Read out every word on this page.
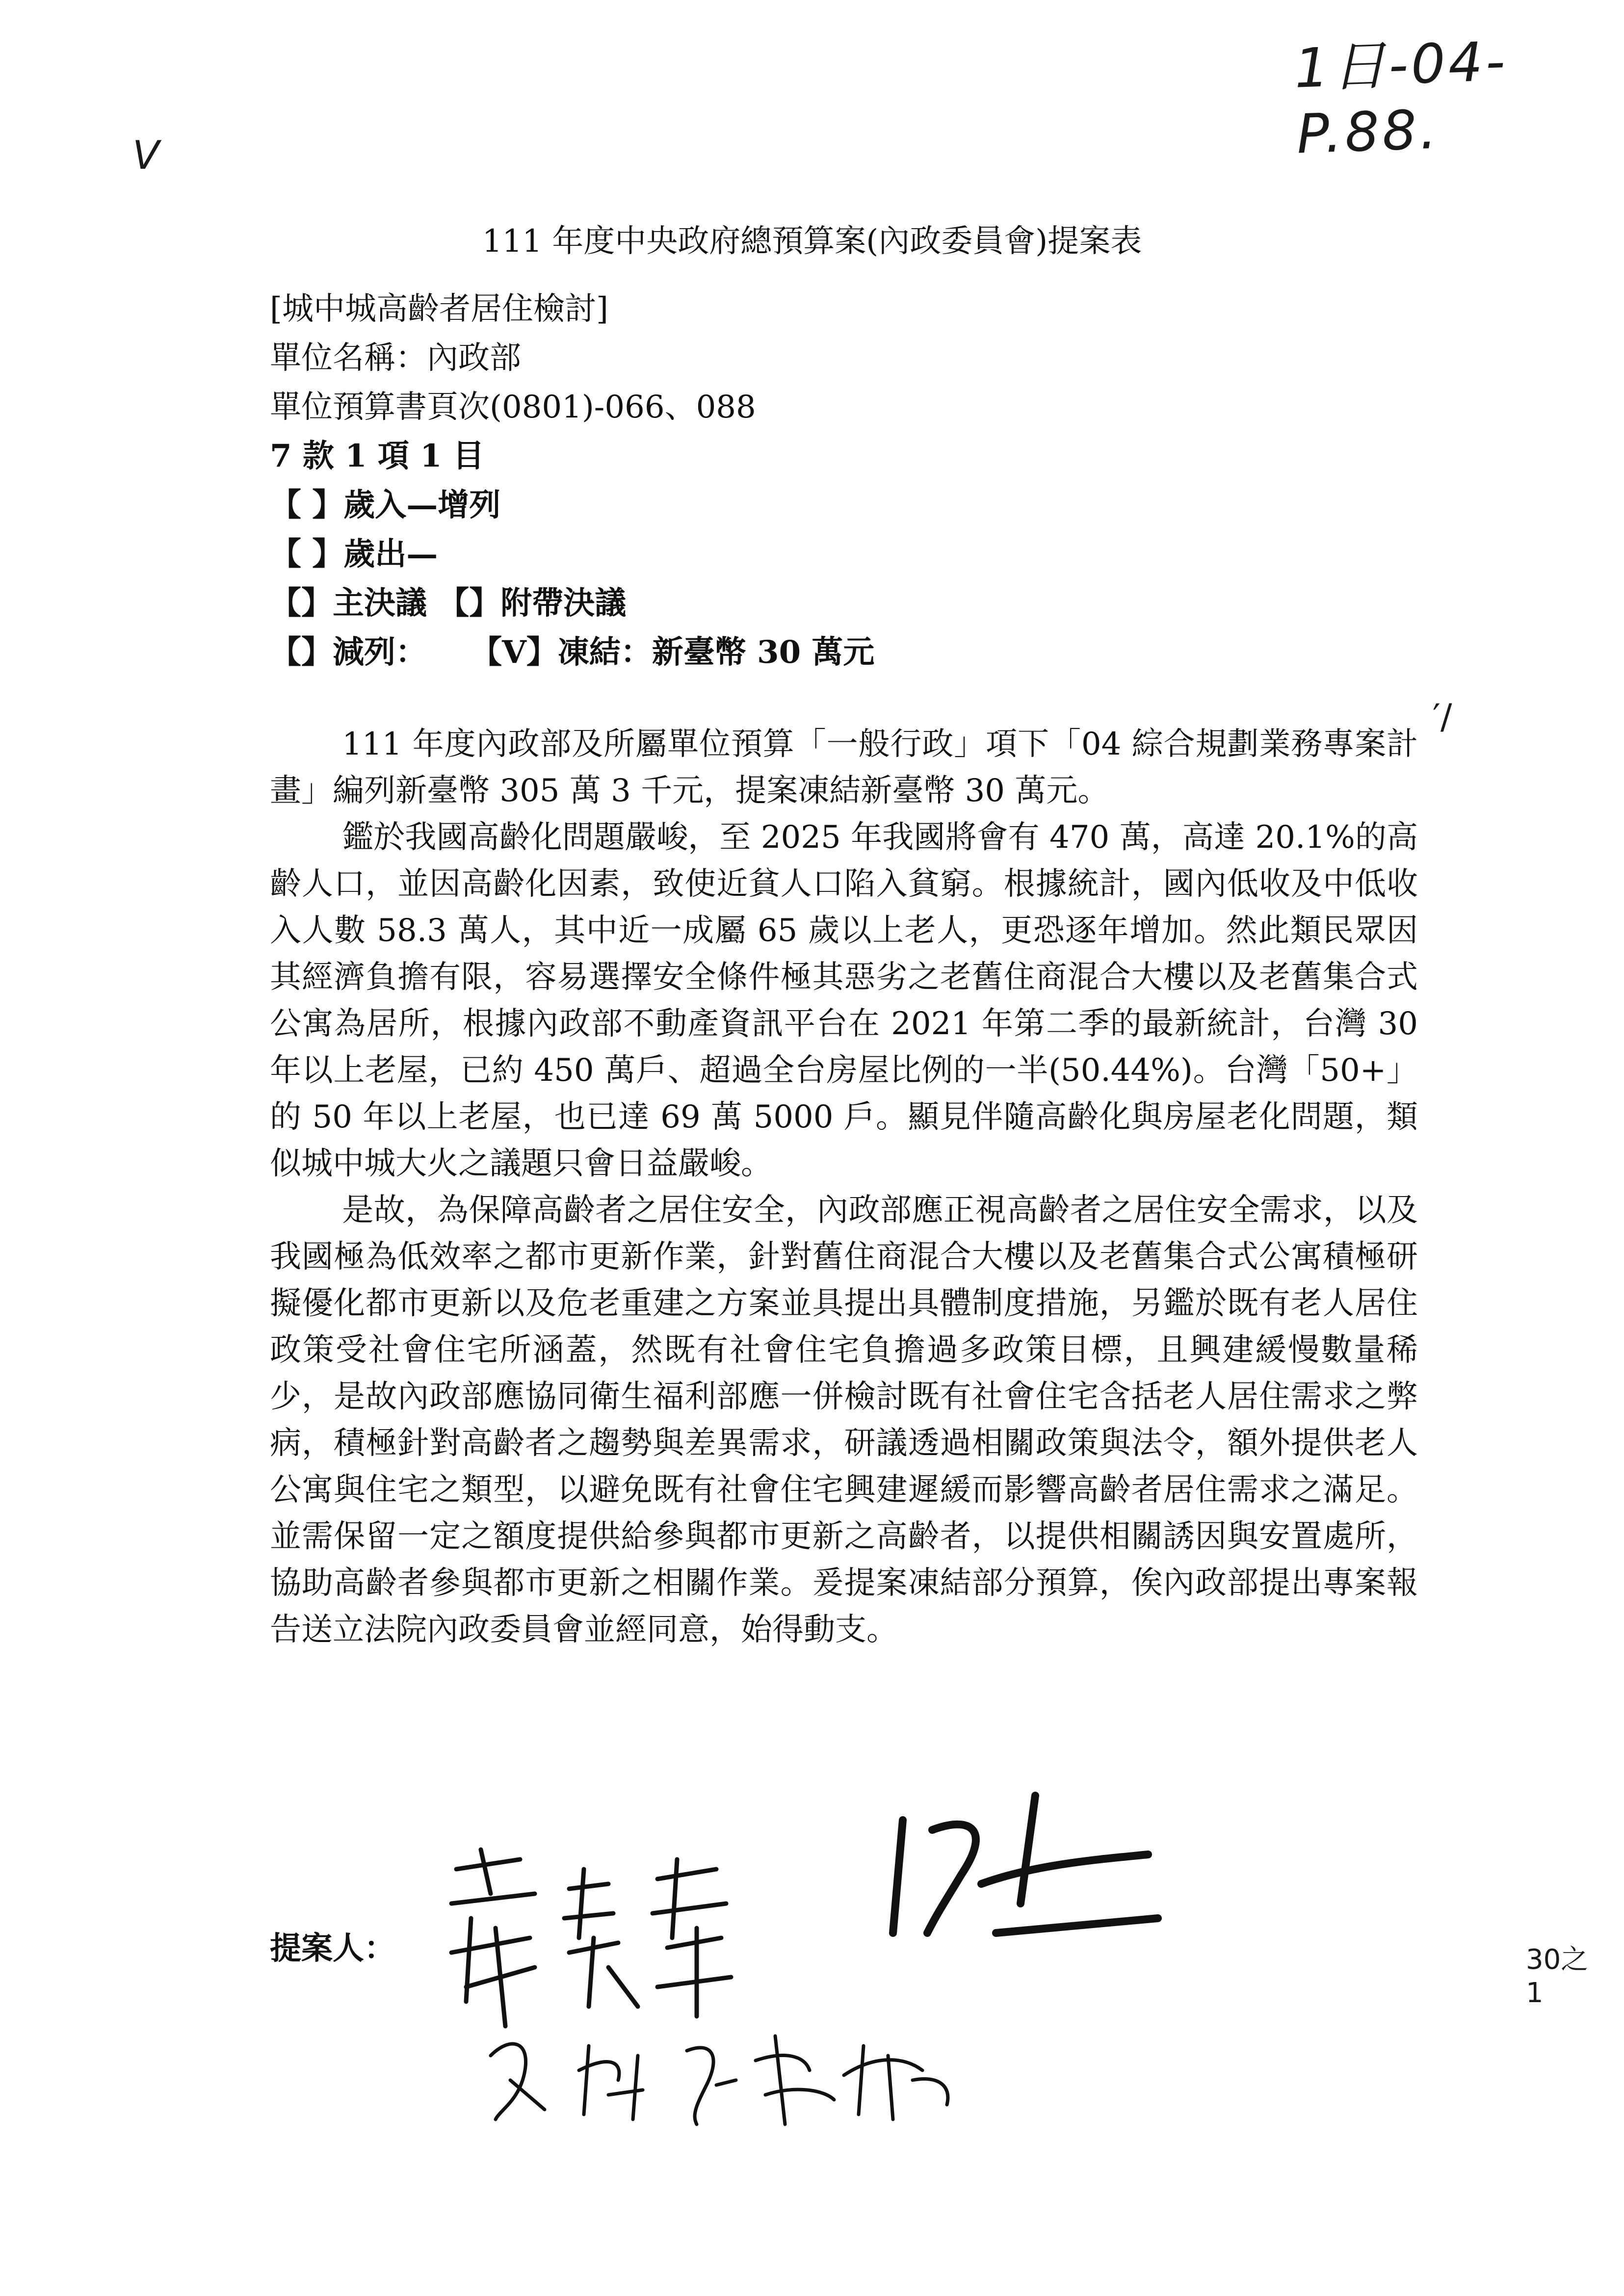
1日-04-P.88.
V
′/
111 年度中央政府總預算案(內政委員會)提案表
[城中城高齡者居住檢討]
單位名稱：內政部
單位預算書頁次(0801)-066、088
7 款 1 項 1 目
【 】歲入—增列
【 】歲出—
【】主決議 【】附帶決議
【】減列：    【V】凍結：新臺幣 30 萬元

111 年度內政部及所屬單位預算「一般行政」項下「04 綜合規劃業務專案計畫」編列新臺幣 305 萬 3 千元，提案凍結新臺幣 30 萬元。

鑑於我國高齡化問題嚴峻，至 2025 年我國將會有 470 萬，高達 20.1%的高齡人口，並因高齡化因素，致使近貧人口陷入貧窮。根據統計，國內低收及中低收入人數 58.3 萬人，其中近一成屬 65 歲以上老人，更恐逐年增加。然此類民眾因其經濟負擔有限，容易選擇安全條件極其惡劣之老舊住商混合大樓以及老舊集合式公寓為居所，根據內政部不動產資訊平台在 2021 年第二季的最新統計，台灣 30 年以上老屋，已約 450 萬戶、超過全台房屋比例的一半(50.44%)。台灣「50+」的 50 年以上老屋，也已達 69 萬 5000 戶。顯見伴隨高齡化與房屋老化問題，類似城中城大火之議題只會日益嚴峻。

是故，為保障高齡者之居住安全，內政部應正視高齡者之居住安全需求，以及我國極為低效率之都市更新作業，針對舊住商混合大樓以及老舊集合式公寓積極研擬優化都市更新以及危老重建之方案並具提出具體制度措施，另鑑於既有老人居住政策受社會住宅所涵蓋，然既有社會住宅負擔過多政策目標，且興建緩慢數量稀少，是故內政部應協同衛生福利部應一併檢討既有社會住宅含括老人居住需求之弊病，積極針對高齡者之趨勢與差異需求，研議透過相關政策與法令，額外提供老人公寓與住宅之類型，以避免既有社會住宅興建遲緩而影響高齡者居住需求之滿足。並需保留一定之額度提供給參與都市更新之高齡者，以提供相關誘因與安置處所，協助高齡者參與都市更新之相關作業。爰提案凍結部分預算，俟內政部提出專案報告送立法院內政委員會並經同意，始得動支。

提案人：	30之1
